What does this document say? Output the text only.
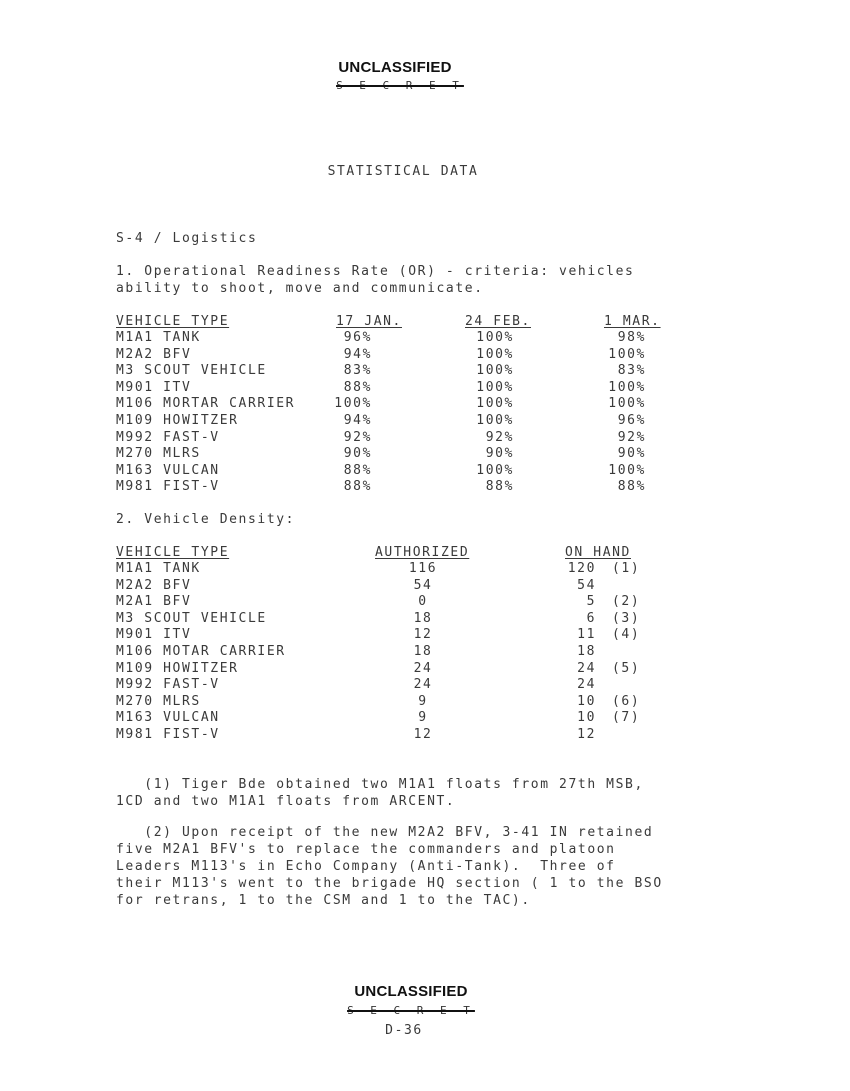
UNCLASSIFIED
S E C R E T
STATISTICAL DATA
S-4 / Logistics
1. Operational Readiness Rate (OR) - criteria: vehicles
ability to shoot, move and communicate.
VEHICLE TYPE	17 JAN.	24 FEB.	1 MAR.
M1A1 TANK	96%	100%	98%
M2A2 BFV	94%	100%	100%
M3 SCOUT VEHICLE	83%	100%	83%
M901 ITV	88%	100%	100%
M106 MORTAR CARRIER	100%	100%	100%
M109 HOWITZER	94%	100%	96%
M992 FAST-V	92%	92%	92%
M270 MLRS	90%	90%	90%
M163 VULCAN	88%	100%	100%
M981 FIST-V	88%	88%	88%
2. Vehicle Density:
VEHICLE TYPE	AUTHORIZED	ON HAND
M1A1 TANK	116	120 (1)
M2A2 BFV	54	54
M2A1 BFV	0	5 (2)
M3 SCOUT VEHICLE	18	6 (3)
M901 ITV	12	11 (4)
M106 MOTAR CARRIER	18	18
M109 HOWITZER	24	24 (5)
M992 FAST-V	24	24
M270 MLRS	9	10 (6)
M163 VULCAN	9	10 (7)
M981 FIST-V	12	12
(1) Tiger Bde obtained two M1A1 floats from 27th MSB,
1CD and two M1A1 floats from ARCENT.
(2) Upon receipt of the new M2A2 BFV, 3-41 IN retained
five M2A1 BFV's to replace the commanders and platoon
Leaders M113's in Echo Company (Anti-Tank).  Three of
their M113's went to the brigade HQ section ( 1 to the BSO
for retrans, 1 to the CSM and 1 to the TAC).
UNCLASSIFIED
S E C R E T
D-36
